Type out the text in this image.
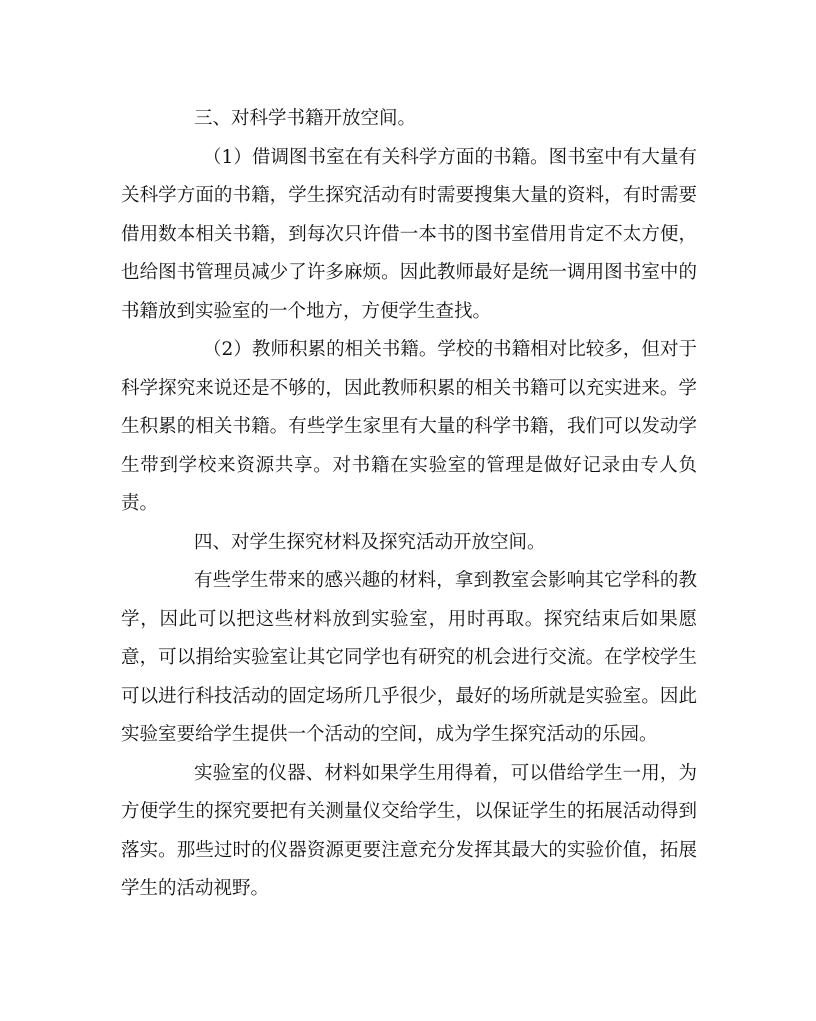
三、对科学书籍开放空间。

（1）借调图书室在有关科学方面的书籍。图书室中有大量有关科学方面的书籍，学生探究活动有时需要搜集大量的资料，有时需要借用数本相关书籍，到每次只许借一本书的图书室借用肯定不太方便，也给图书管理员减少了许多麻烦。因此教师最好是统一调用图书室中的书籍放到实验室的一个地方，方便学生查找。

（2）教师积累的相关书籍。学校的书籍相对比较多，但对于科学探究来说还是不够的，因此教师积累的相关书籍可以充实进来。学生积累的相关书籍。有些学生家里有大量的科学书籍，我们可以发动学生带到学校来资源共享。对书籍在实验室的管理是做好记录由专人负责。

四、对学生探究材料及探究活动开放空间。

有些学生带来的感兴趣的材料，拿到教室会影响其它学科的教学，因此可以把这些材料放到实验室，用时再取。探究结束后如果愿意，可以捐给实验室让其它同学也有研究的机会进行交流。在学校学生可以进行科技活动的固定场所几乎很少，最好的场所就是实验室。因此实验室要给学生提供一个活动的空间，成为学生探究活动的乐园。

实验室的仪器、材料如果学生用得着，可以借给学生一用，为方便学生的探究要把有关测量仪交给学生，以保证学生的拓展活动得到落实。那些过时的仪器资源更要注意充分发挥其最大的实验价值，拓展学生的活动视野。
